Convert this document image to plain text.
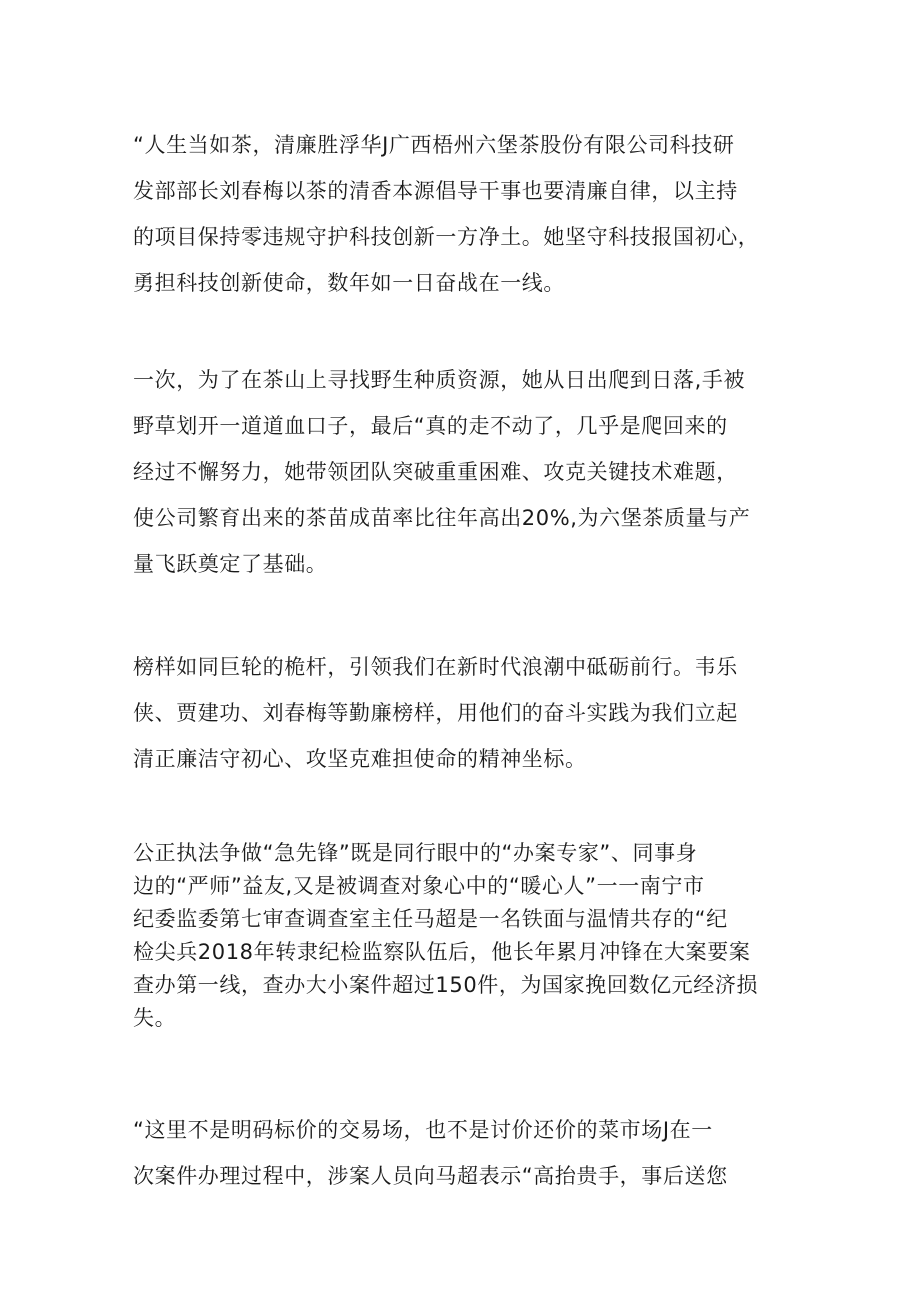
“人生当如茶，清廉胜浮华J广西梧州六堡茶股份有限公司科技研
发部部长刘春梅以茶的清香本源倡导干事也要清廉自律，以主持
的项目保持零违规守护科技创新一方净土。她坚守科技报国初心，
勇担科技创新使命，数年如一日奋战在一线。
一次，为了在茶山上寻找野生种质资源，她从日出爬到日落,手被
野草划开一道道血口子，最后“真的走不动了，几乎是爬回来的
经过不懈努力，她带领团队突破重重困难、攻克关键技术难题，
使公司繁育出来的茶苗成苗率比往年高出20%,为六堡茶质量与产
量飞跃奠定了基础。
榜样如同巨轮的桅杆，引领我们在新时代浪潮中砥砺前行。韦乐
侠、贾建功、刘春梅等勤廉榜样，用他们的奋斗实践为我们立起
清正廉洁守初心、攻坚克难担使命的精神坐标。
公正执法争做“急先锋”既是同行眼中的“办案专家”、同事身
边的“严师”益友,又是被调查对象心中的“暖心人”一一南宁市
纪委监委第七审查调查室主任马超是一名铁面与温情共存的“纪
检尖兵2018年转隶纪检监察队伍后，他长年累月冲锋在大案要案
查办第一线，查办大小案件超过150件，为国家挽回数亿元经济损
失。
“这里不是明码标价的交易场，也不是讨价还价的菜市场J在一
次案件办理过程中，涉案人员向马超表示“高抬贵手，事后送您
